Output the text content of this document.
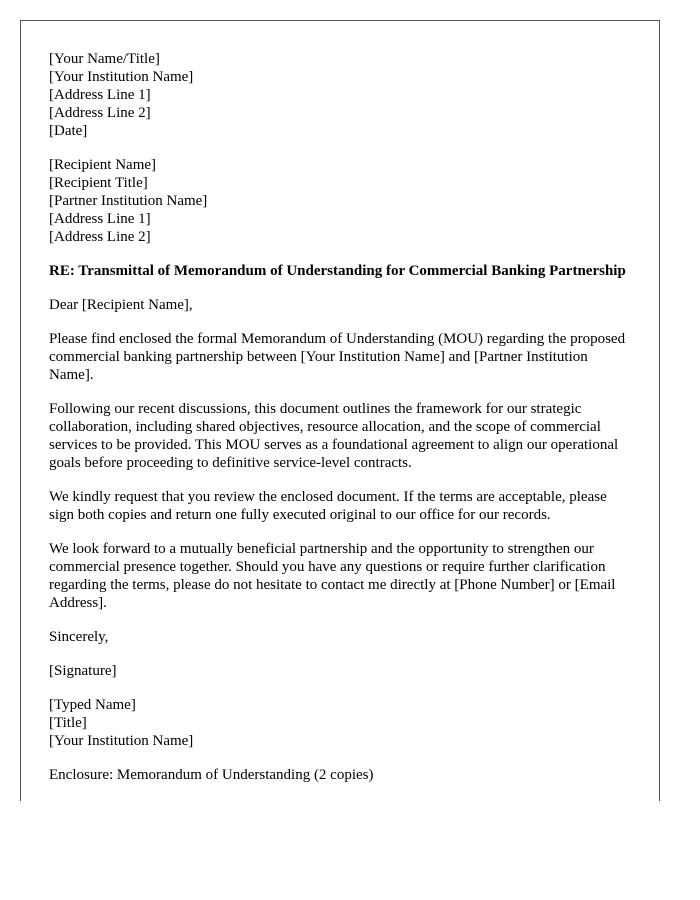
[Your Name/Title]
[Your Institution Name]
[Address Line 1]
[Address Line 2]
[Date]
[Recipient Name]
[Recipient Title]
[Partner Institution Name]
[Address Line 1]
[Address Line 2]
RE: Transmittal of Memorandum of Understanding for Commercial Banking Partnership
Dear [Recipient Name],
Please find enclosed the formal Memorandum of Understanding (MOU) regarding the proposed commercial banking partnership between [Your Institution Name] and [Partner Institution Name].
Following our recent discussions, this document outlines the framework for our strategic collaboration, including shared objectives, resource allocation, and the scope of commercial services to be provided. This MOU serves as a foundational agreement to align our operational goals before proceeding to definitive service-level contracts.
We kindly request that you review the enclosed document. If the terms are acceptable, please sign both copies and return one fully executed original to our office for our records.
We look forward to a mutually beneficial partnership and the opportunity to strengthen our commercial presence together. Should you have any questions or require further clarification regarding the terms, please do not hesitate to contact me directly at [Phone Number] or [Email Address].
Sincerely,
[Signature]
[Typed Name]
[Title]
[Your Institution Name]
Enclosure: Memorandum of Understanding (2 copies)
